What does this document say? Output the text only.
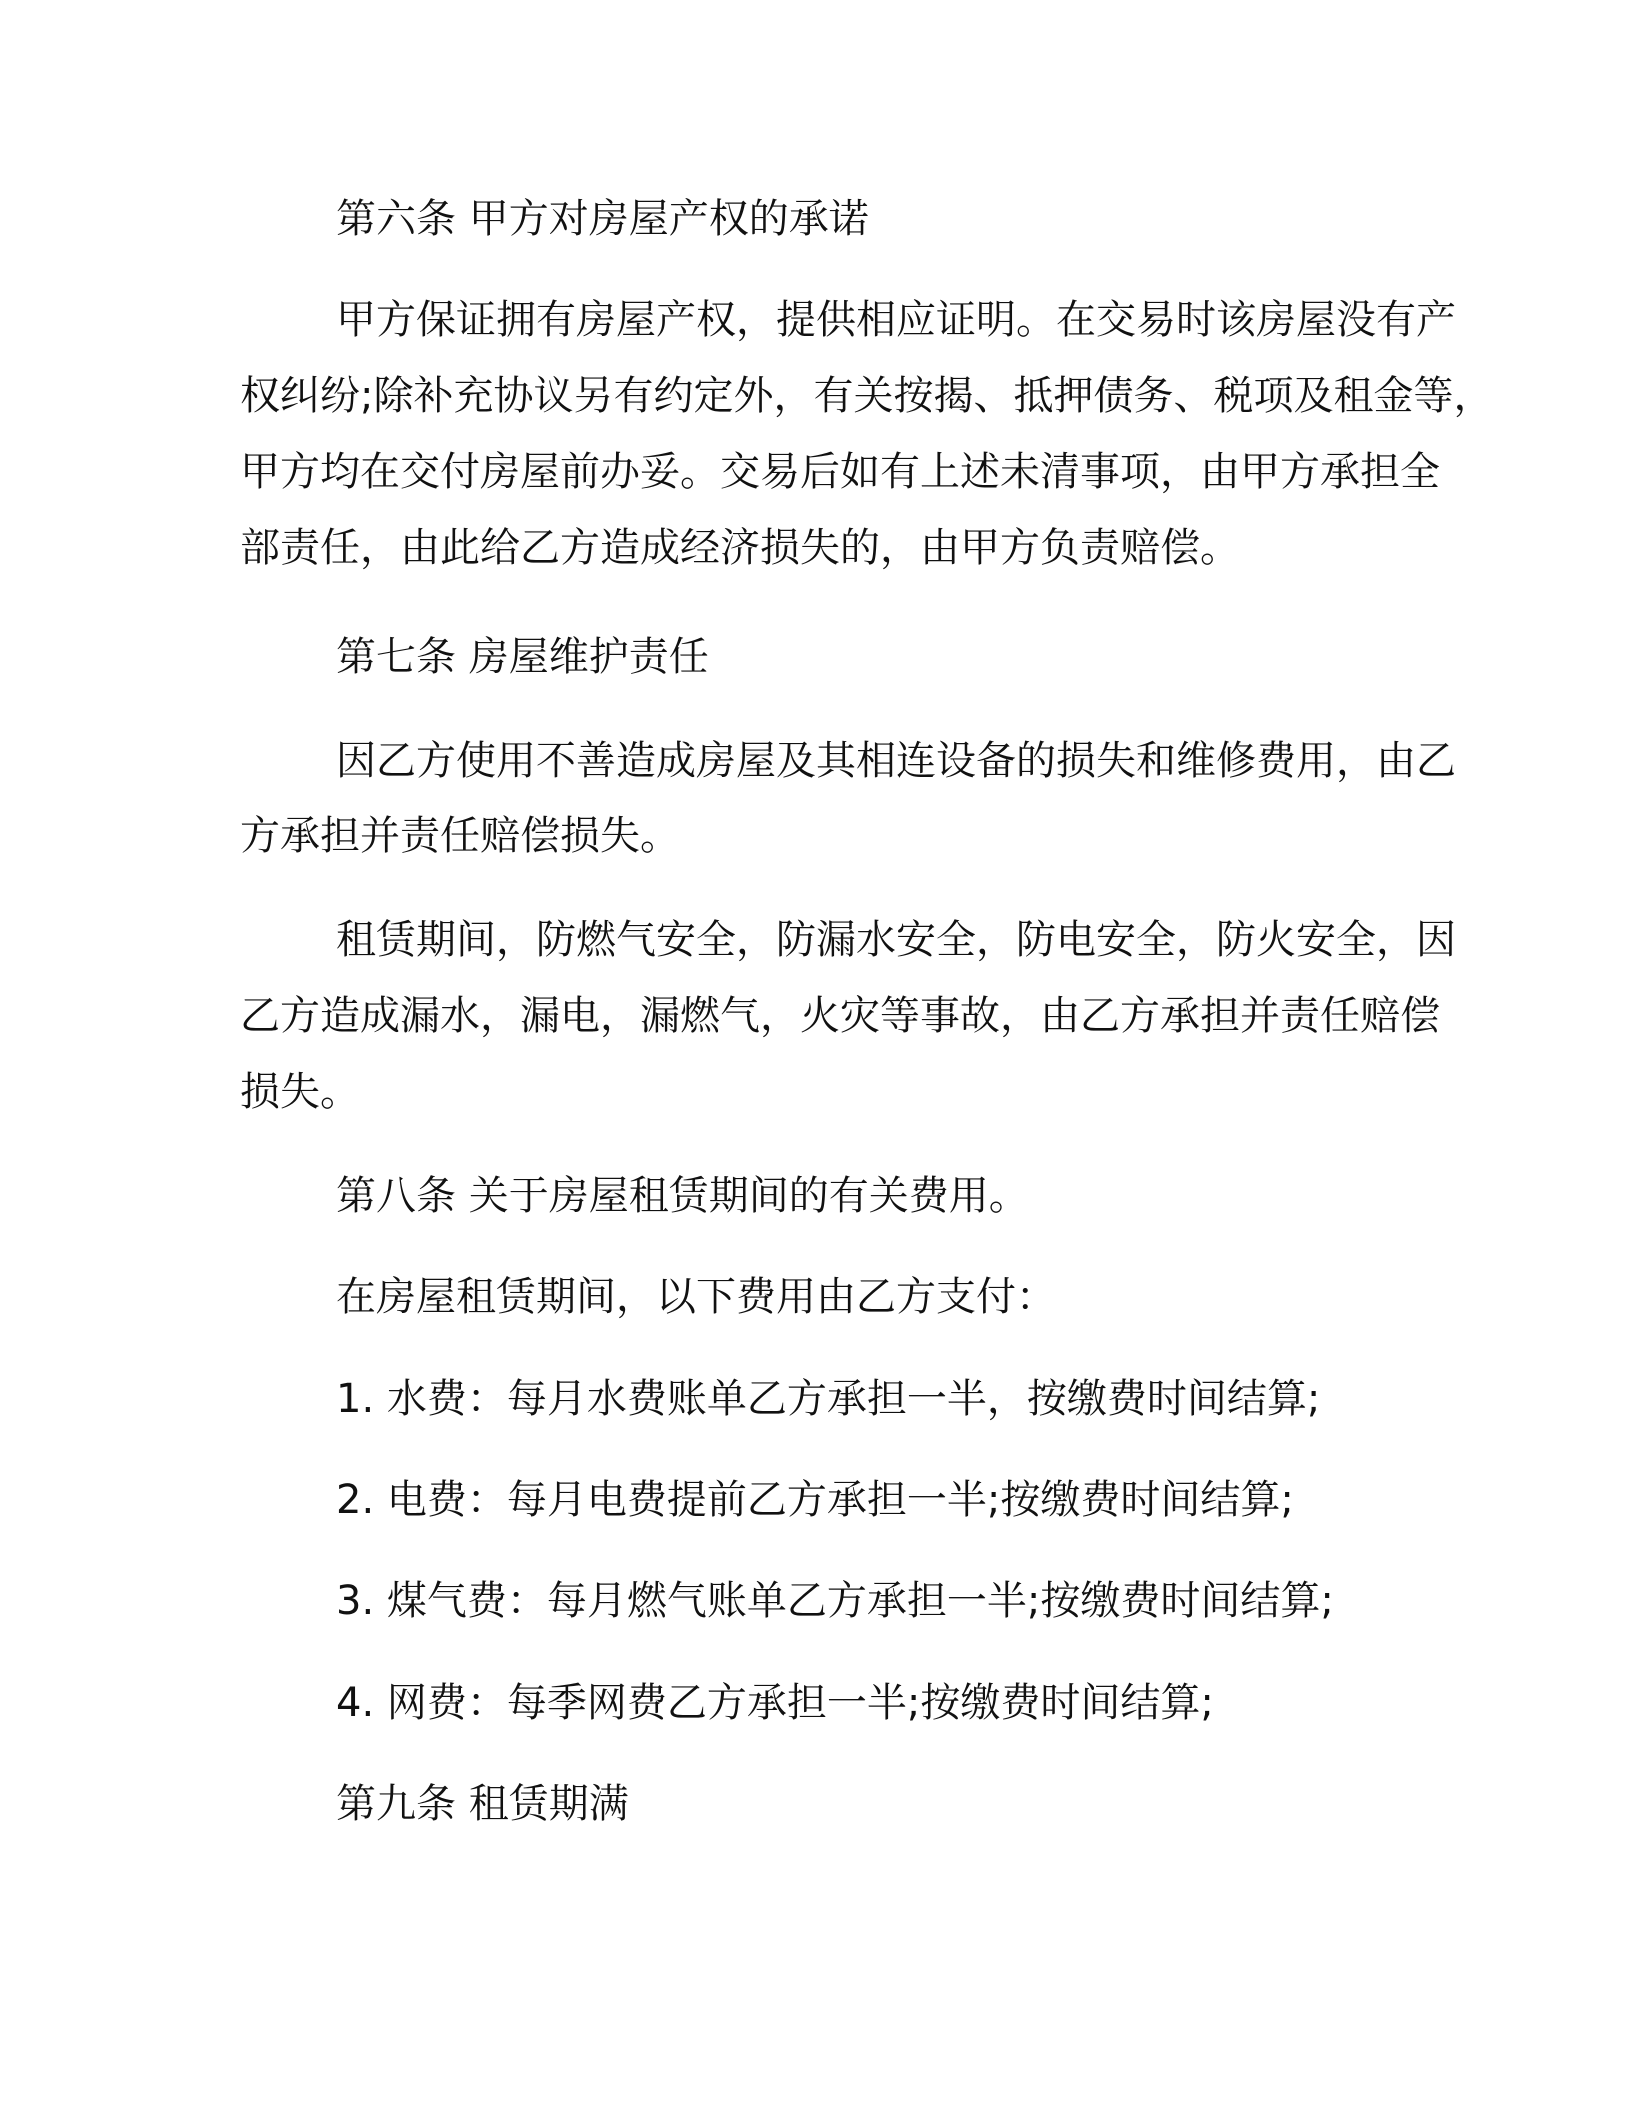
第六条 甲方对房屋产权的承诺

甲方保证拥有房屋产权，提供相应证明。在交易时该房屋没有产

权纠纷;除补充协议另有约定外，有关按揭、抵押债务、税项及租金等，

甲方均在交付房屋前办妥。交易后如有上述未清事项，由甲方承担全

部责任，由此给乙方造成经济损失的，由甲方负责赔偿。

第七条 房屋维护责任

因乙方使用不善造成房屋及其相连设备的损失和维修费用，由乙

方承担并责任赔偿损失。

租赁期间，防燃气安全，防漏水安全，防电安全，防火安全，因

乙方造成漏水，漏电，漏燃气，火灾等事故，由乙方承担并责任赔偿

损失。

第八条 关于房屋租赁期间的有关费用。

在房屋租赁期间，以下费用由乙方支付：

1. 水费：每月水费账单乙方承担一半，按缴费时间结算;

2. 电费：每月电费提前乙方承担一半;按缴费时间结算;

3. 煤气费：每月燃气账单乙方承担一半;按缴费时间结算;

4. 网费：每季网费乙方承担一半;按缴费时间结算;

第九条 租赁期满
